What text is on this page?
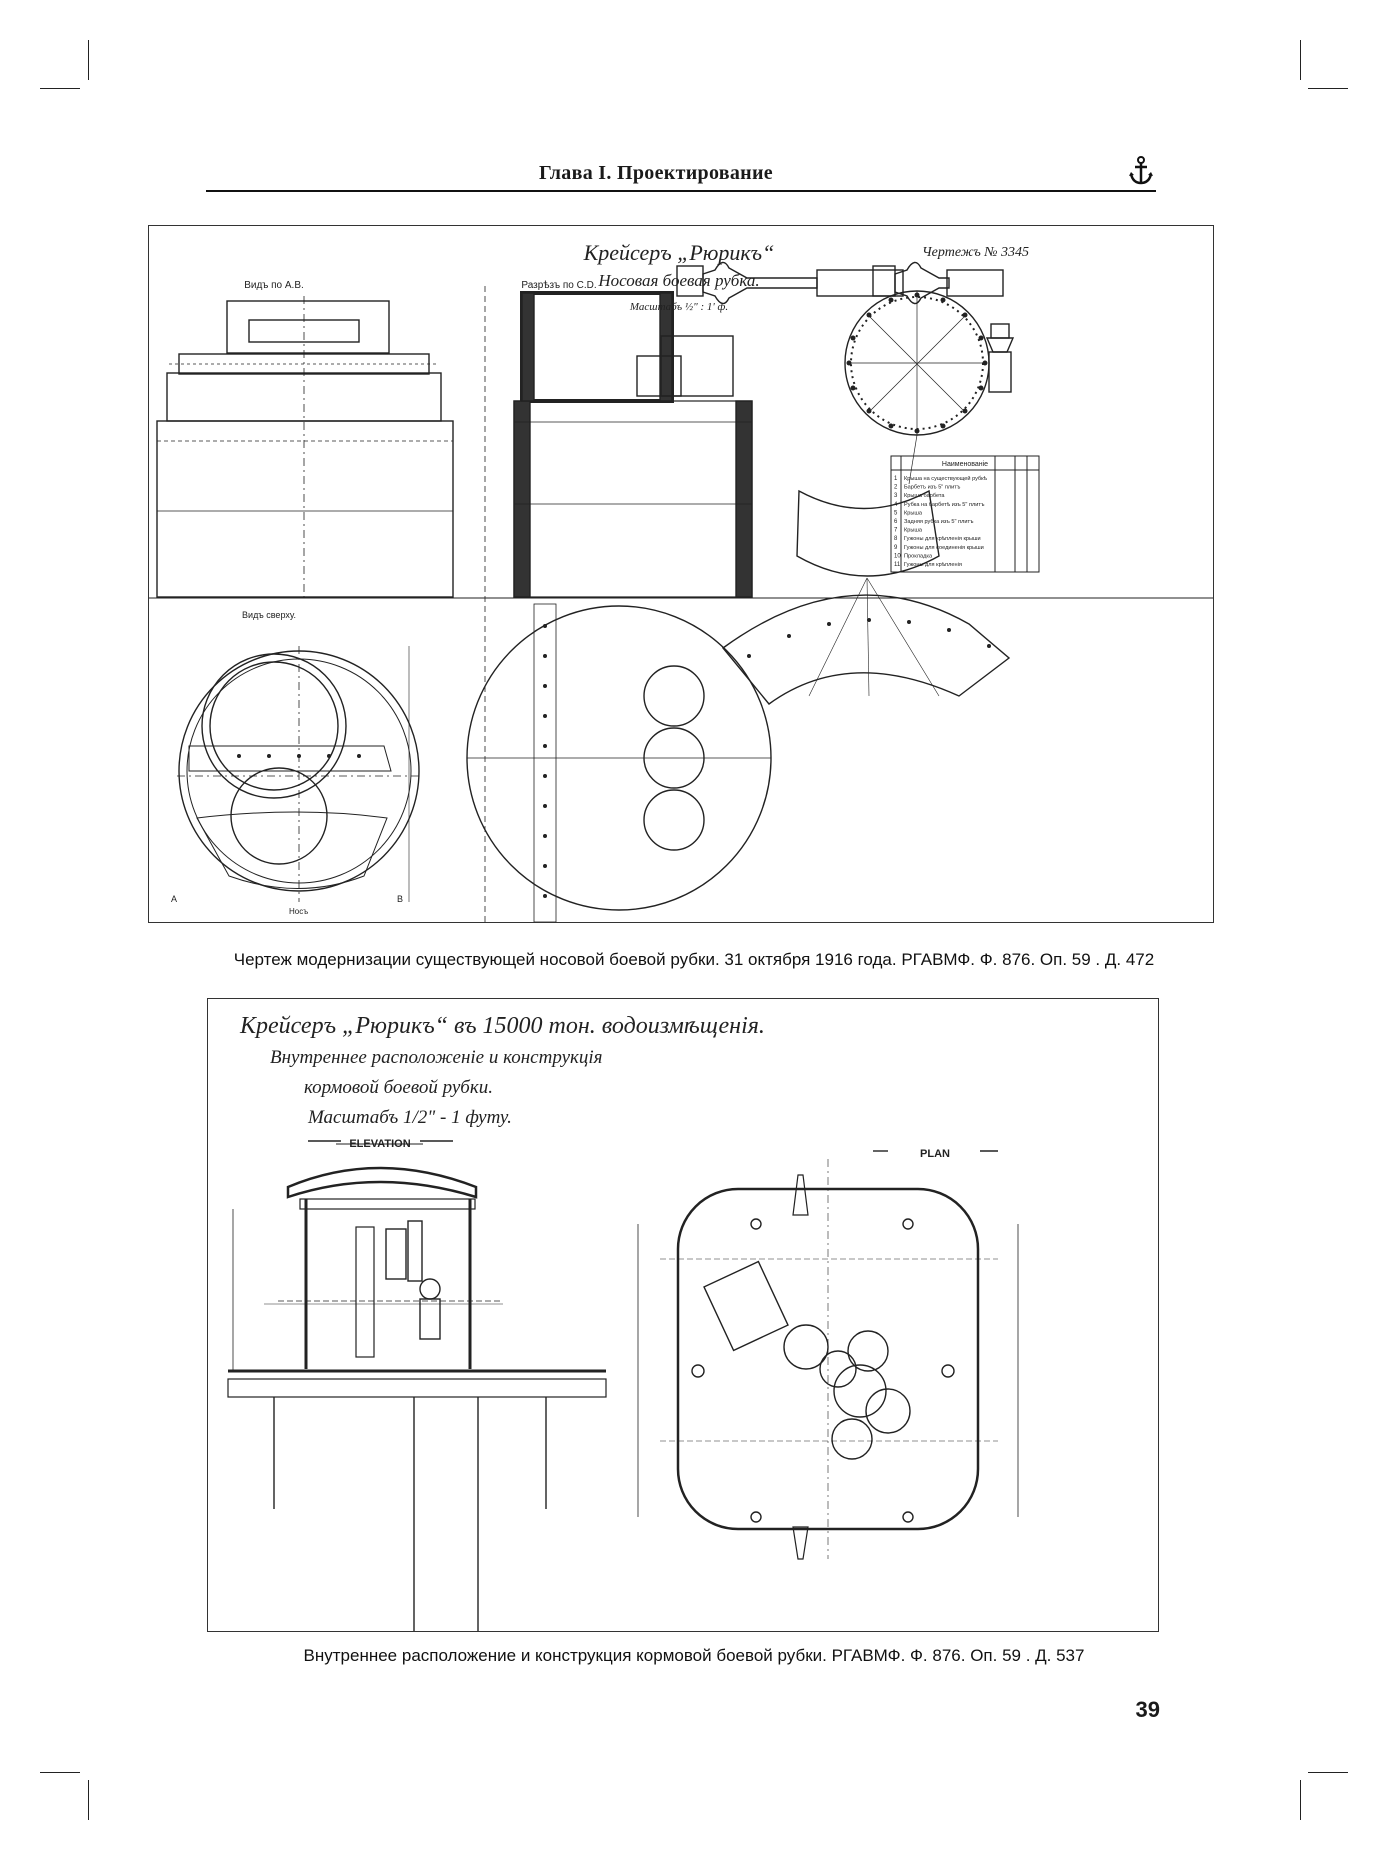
Глава I. Проектирование
Крейсеръ „Рюрикъ“
Носовая боевая рубка.
Масштабъ ½" : 1' ф.
Чертежъ № 3345
Видъ по А.В.	Разрѣзъ по С.D.
Видъ сверху.
Наименованіе
А	В
Носъ
1 Крыша на существующей рубкѣ
2 Барбетъ изъ 5" плитъ
3 Крыша барбета
4 Рубка на барбетѣ изъ 5" плитъ
5 Крыша
6 Задняя рубка изъ 5" плитъ
7 Крыша
8 Гужоны для крѣпленія крыши
9 Гужоны для соединенія крыши
10 Прокладка
11 Гужоны для крѣпленія
Чертеж модернизации существующей носовой боевой рубки. 31 октября 1916 года. РГАВМФ. Ф. 876. Оп. 59 . Д. 472
Крейсеръ „Рюрикъ“ въ 15000 тон. водоизмѣщенія.
Внутреннее расположеніе и конструкція
кормовой боевой рубки.
Масштабъ 1/2" - 1 футу.
ELEVATION
PLAN
Внутреннее расположение и конструкция кормовой боевой рубки. РГАВМФ. Ф. 876. Оп. 59 . Д. 537
39
